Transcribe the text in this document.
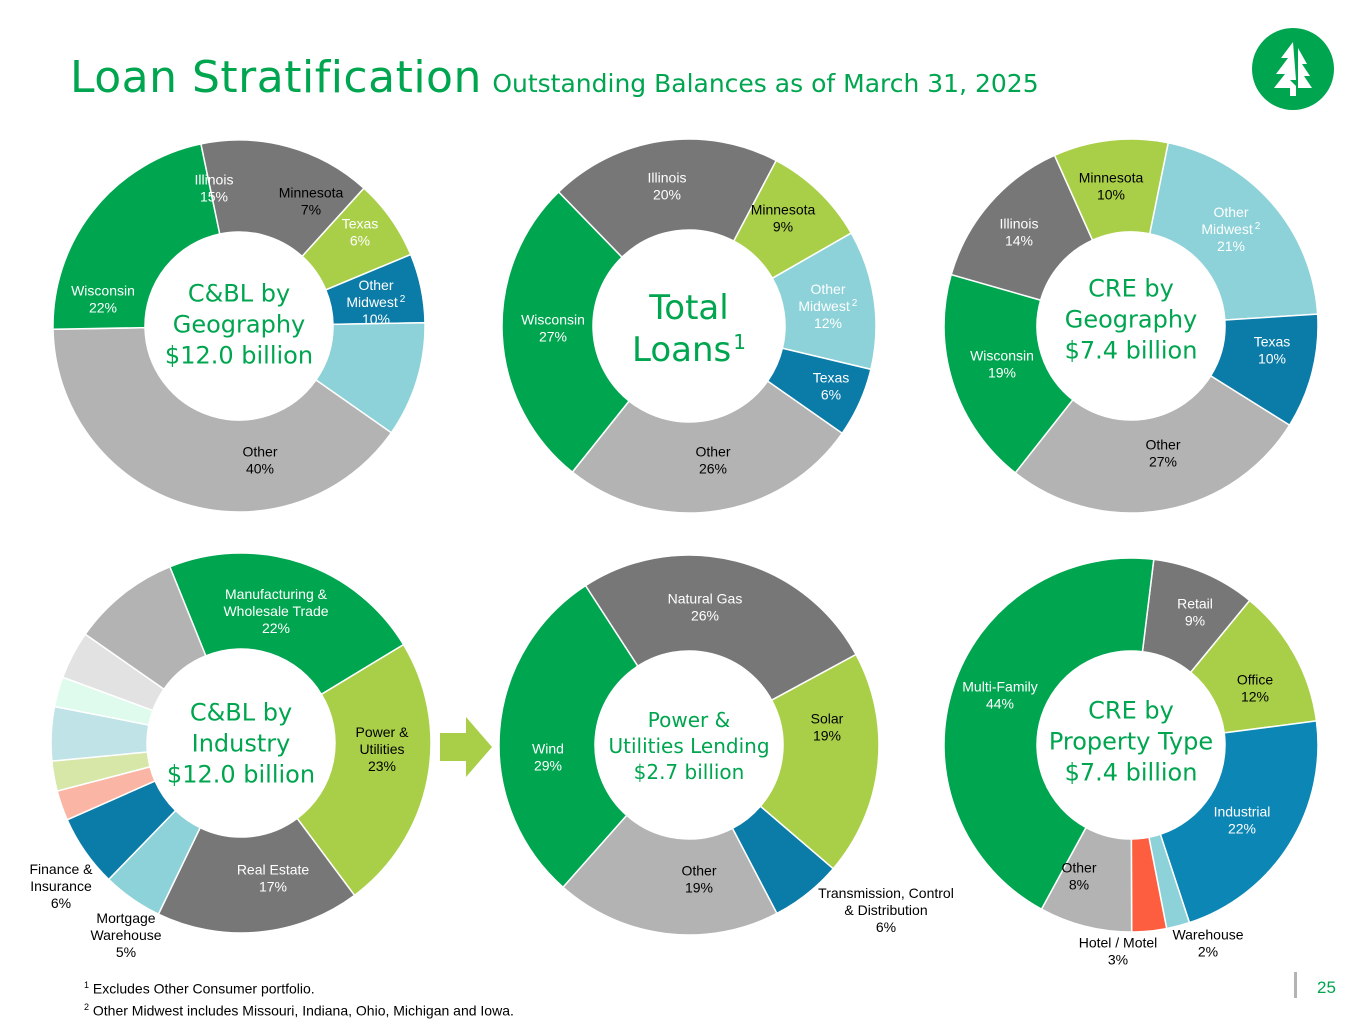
Loan Stratification Outstanding Balances as of March 31, 2025
Other 40%
Wisconsin 22%
Illinois 15%	Minnesota 7%
Texas 6%
Other Midwest $^2$ 10%
C&BL by Geography $12.0 billion
Other 26%
Wisconsin 27%
Illinois 20%
Minnesota 9%
Other Midwest $^2$ 12%
Texas 6%
Total Loans $^1$
Other 27%
Wisconsin 19%
Illinois 14%
Minnesota 10%
Other Midwest $^2$ 21%
Texas 10%
CRE by Geography $7.4 billion
Manufacturing & Wholesale Trade 22%
Power & Utilities 23%
Real Estate 17%
Mortgage Warehouse 5%
Finance & Insurance 6%
C&BL by Industry $12.0 billion
Natural Gas 26%
Solar 19%
Transmission, Control & Distribution 6%
Other 19%
Wind 29%
Power & Utilities Lending $2.7 billion
Retail 9%
Office 12%
Industrial 22%
Warehouse 2%
Hotel / Motel 3%
Other 8%
Multi-Family 44%	CRE by Property Type $7.4 billion
$^1$ Excludes Other Consumer portfolio.
$^2$ Other Midwest includes Missouri, Indiana, Ohio, Michigan and Iowa.
25
